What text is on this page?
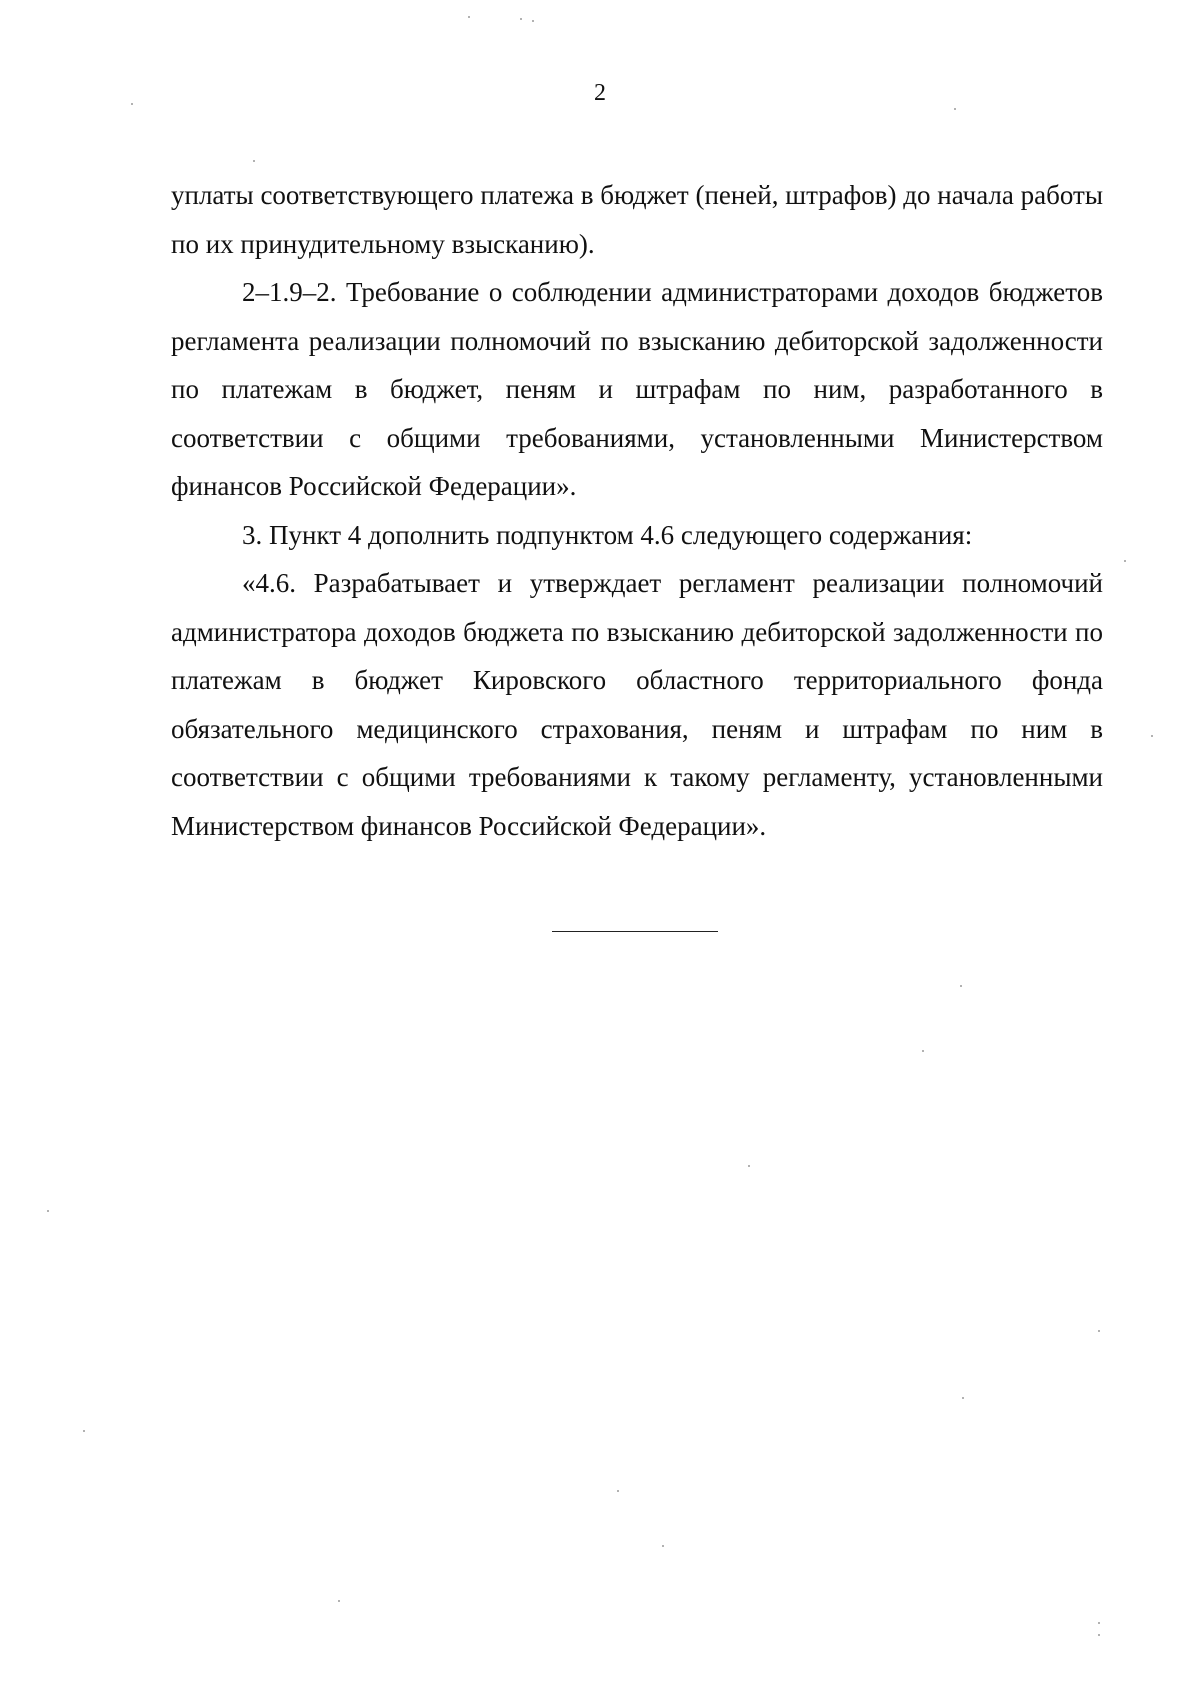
2

уплаты соответствующего платежа в бюджет (пеней, штрафов) до начала работы по их принудительному взысканию).

2–1.9–2. Требование о соблюдении администраторами доходов бюджетов регламента реализации полномочий по взысканию дебиторской задолженности по платежам в бюджет, пеням и штрафам по ним, разработанного в соответствии с общими требованиями, установленными Министерством финансов Российской Федерации».

3. Пункт 4 дополнить подпунктом 4.6 следующего содержания:

«4.6. Разрабатывает и утверждает регламент реализации полномочий администратора доходов бюджета по взысканию дебиторской задолженности по платежам в бюджет Кировского областного территориального фонда обязательного медицинского страхования, пеням и штрафам по ним в соответствии с общими требованиями к такому регламенту, установленными Министерством финансов Российской Федерации».
